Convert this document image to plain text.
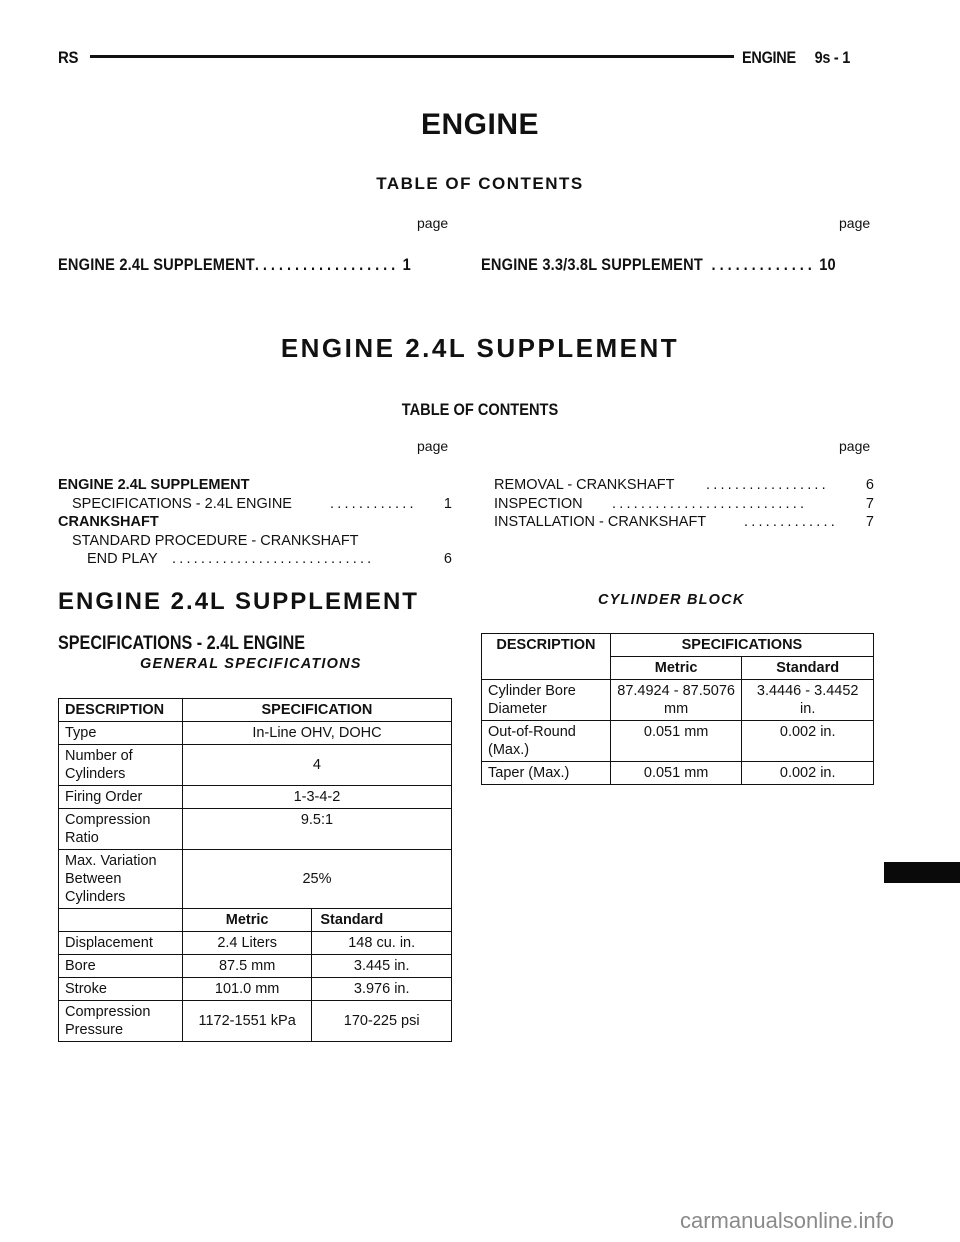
RS	ENGINE 9s - 1
ENGINE
TABLE OF CONTENTS
page	page
ENGINE 2.4L SUPPLEMENT.................. 1	ENGINE 3.3/3.8L SUPPLEMENT ............. 10
ENGINE 2.4L SUPPLEMENT
TABLE OF CONTENTS
page	page
ENGINE 2.4L SUPPLEMENT
SPECIFICATIONS - 2.4L ENGINE	............ 1
CRANKSHAFT
STANDARD PROCEDURE - CRANKSHAFT
END PLAY ............................	6
REMOVAL - CRANKSHAFT .................	6
INSPECTION ...........................	7
INSTALLATION - CRANKSHAFT	............. 7
ENGINE 2.4L SUPPLEMENT
SPECIFICATIONS - 2.4L ENGINE
GENERAL SPECIFICATIONS
DESCRIPTION	SPECIFICATION	
Type	In-Line OHV, DOHC	
Number of Cylinders	4	
Firing Order	1-3-4-2	
Compression Ratio	9.5:1	
Max. Variation Between Cylinders	25%	
	Metric	Standard
Displacement	2.4 Liters	148 cu. in.
Bore	87.5 mm	3.445 in.
Stroke	101.0 mm	3.976 in.
Compression Pressure	1172-1551 kPa	170-225 psi
CYLINDER BLOCK
DESCRIPTION	SPECIFICATIONS	
	Metric	Standard
Cylinder Bore Diameter	87.4924 - 87.5076 mm	3.4446 - 3.4452 in.
Out-of-Round (Max.)	0.051 mm	0.002 in.
Taper (Max.)	0.051 mm	0.002 in.
carmanualsonline.info
